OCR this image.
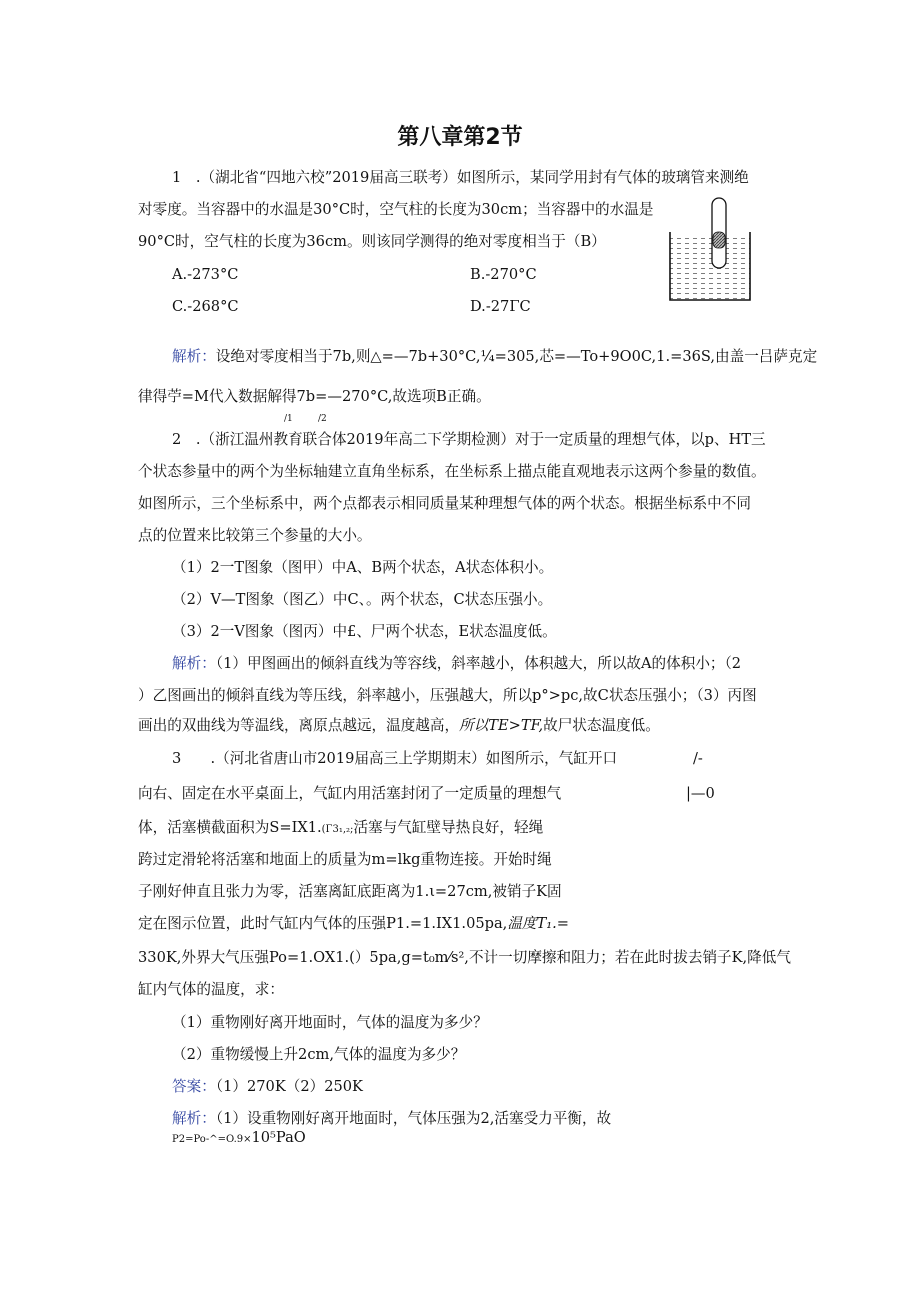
第八章第2节
1　.（湖北省“四地六校”2019届高三联考）如图所示，某同学用封有气体的玻璃管来测绝
对零度。当容器中的水温是30°C时，空气柱的长度为30cm；当容器中的水温是
90°C时，空气柱的长度为36cm。则该同学测得的绝对零度相当于（B）
A.-273°C	B.-270°C
C.-268°C	D.-27ΓC
解析：设绝对零度相当于7b,则△=—7b+30°C,¼=305,芯=—To+9O0C,1.=36S,由盖一吕萨克定
律得苧=M代入数据解得7b=—270°C,故选项B正确。
/1	/2
2　.（浙江温州教育联合体2019年高二下学期检测）对于一定质量的理想气体，以p、HT三
个状态参量中的两个为坐标轴建立直角坐标系，在坐标系上描点能直观地表示这两个参量的数值。
如图所示，三个坐标系中，两个点都表示相同质量某种理想气体的两个状态。根据坐标系中不同
点的位置来比较第三个参量的大小。
（1）2一T图象（图甲）中A、B两个状态，A状态体积小。
（2）V—T图象（图乙）中C、。两个状态，C状态压强小。
（3）2一V图象（图丙）中£、尸两个状态，E状态温度低。
解析：（1）甲图画出的倾斜直线为等容线，斜率越小，体积越大，所以故A的体积小；（2
）乙图画出的倾斜直线为等压线，斜率越小，压强越大，所以p°>pc,故C状态压强小；（3）丙图
画出的双曲线为等温线，离原点越远，温度越高，所以TE>TF,故尸状态温度低。
3　　.（河北省唐山市2019届高三上学期期末）如图所示，气缸开口	/-
向右、固定在水平桌面上，气缸内用活塞封闭了一定质量的理想气	|—0
体，活塞横截面积为S=IX1.(Γ3₁,₂;活塞与气缸壁导热良好，轻绳
跨过定滑轮将活塞和地面上的质量为m=lkg重物连接。开始时绳
子刚好伸直且张力为零，活塞离缸底距离为1.ι=27cm,被销子K固
定在图示位置，此时气缸内气体的压强P1.=1.IX1.05pa,温度T₁.=
330K,外界大气压强Po=1.OX1.(）5pa,g=t₀m⁄s²,不计一切摩擦和阻力；若在此时拔去销子K,降低气
缸内气体的温度，求：
（1）重物刚好离开地面时，气体的温度为多少？
（2）重物缓慢上升2cm,气体的温度为多少？
答案：（1）270K（2）250K
解析：（1）设重物刚好离开地面时，气体压强为2,活塞受力平衡，故
P2=Po-^=O.9×10⁵PaO
